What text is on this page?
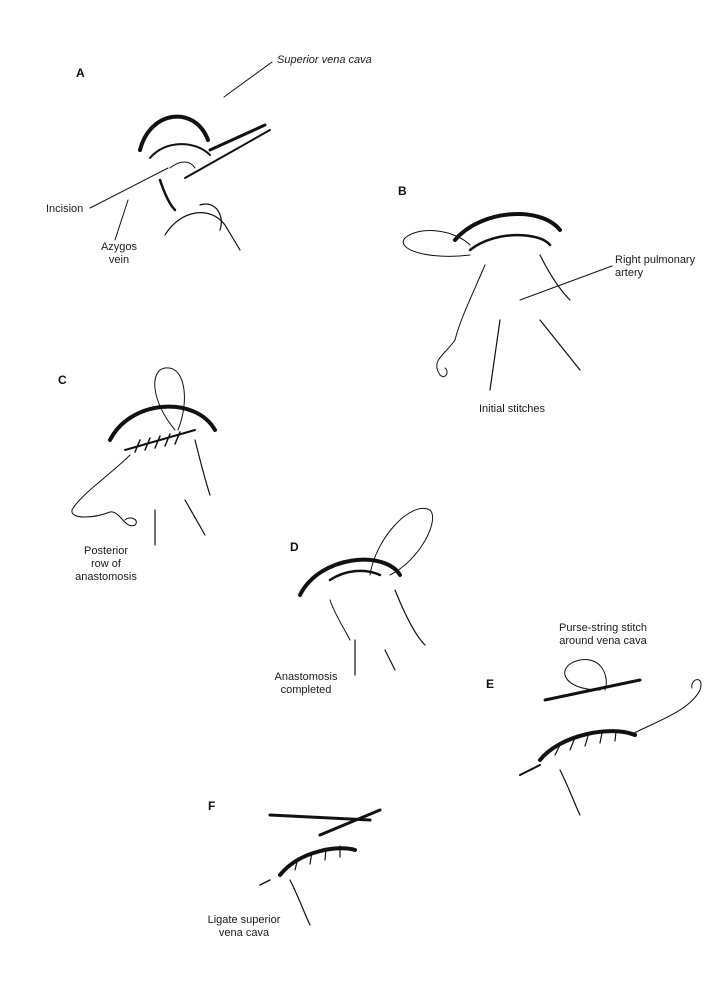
A
Superior vena cava
Incision
Azygos
vein
B
Right pulmonary
artery
Initial stitches
C
Posterior
row of
anastomosis
D
Anastomosis
completed	E
Purse-string stitch
around vena cava
F
Ligate superior
vena cava
